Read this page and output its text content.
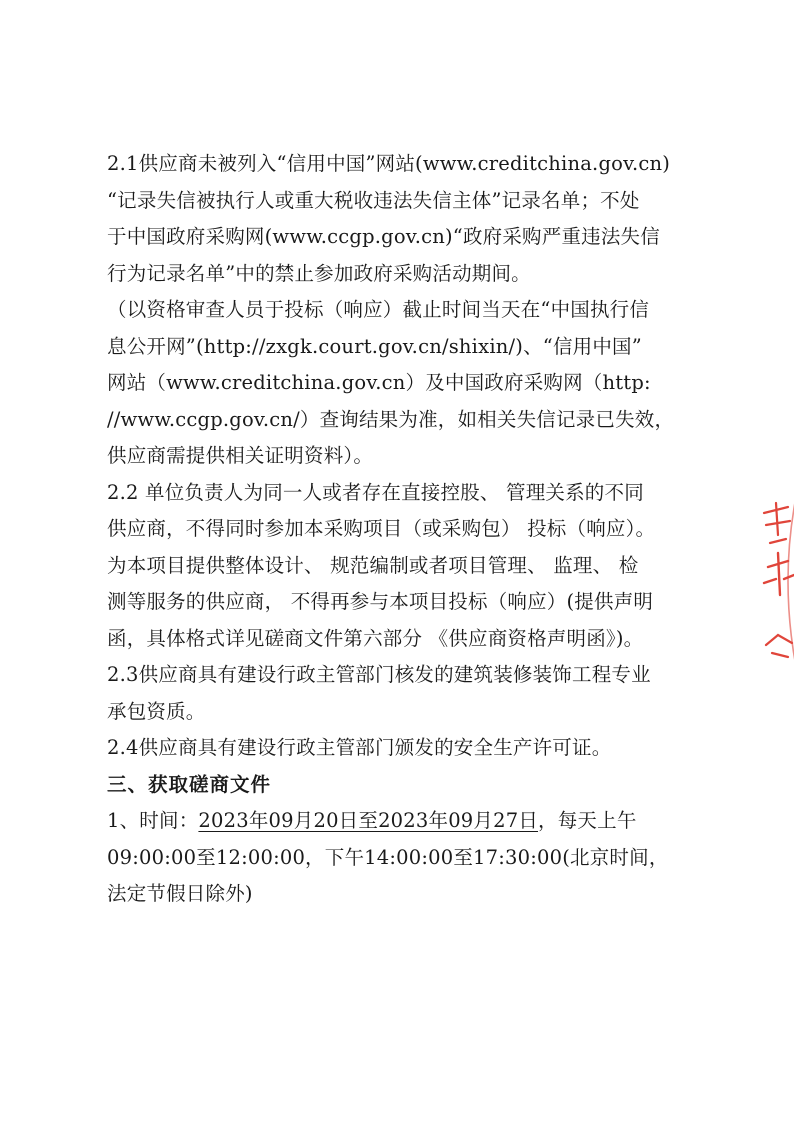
2.1供应商未被列入“信用中国”网站(www.creditchina.gov.cn)
“记录失信被执行人或重大税收违法失信主体”记录名单；不处
于中国政府采购网(www.ccgp.gov.cn)“政府采购严重违法失信
行为记录名单”中的禁止参加政府采购活动期间。
（以资格审查人员于投标（响应）截止时间当天在“中国执行信
息公开网”(http://zxgk.court.gov.cn/shixin/)、“信用中国”
网站（www.creditchina.gov.cn）及中国政府采购网（http:
//www.ccgp.gov.cn/）查询结果为准，如相关失信记录已失效，
供应商需提供相关证明资料）。
2.2 单位负责人为同一人或者存在直接控股、 管理关系的不同
供应商，不得同时参加本采购项目（或采购包） 投标（响应）。
为本项目提供整体设计、 规范编制或者项目管理、 监理、 检
测等服务的供应商， 不得再参与本项目投标（响应）(提供声明
函，具体格式详见磋商文件第六部分 《供应商资格声明函》)。
2.3供应商具有建设行政主管部门核发的建筑装修装饰工程专业
承包资质。
2.4供应商具有建设行政主管部门颁发的安全生产许可证。
三、获取磋商文件
1、时间：2023年09月20日至2023年09月27日，每天上午
09:00:00至12:00:00，下午14:00:00至17:30:00(北京时间，
法定节假日除外)
